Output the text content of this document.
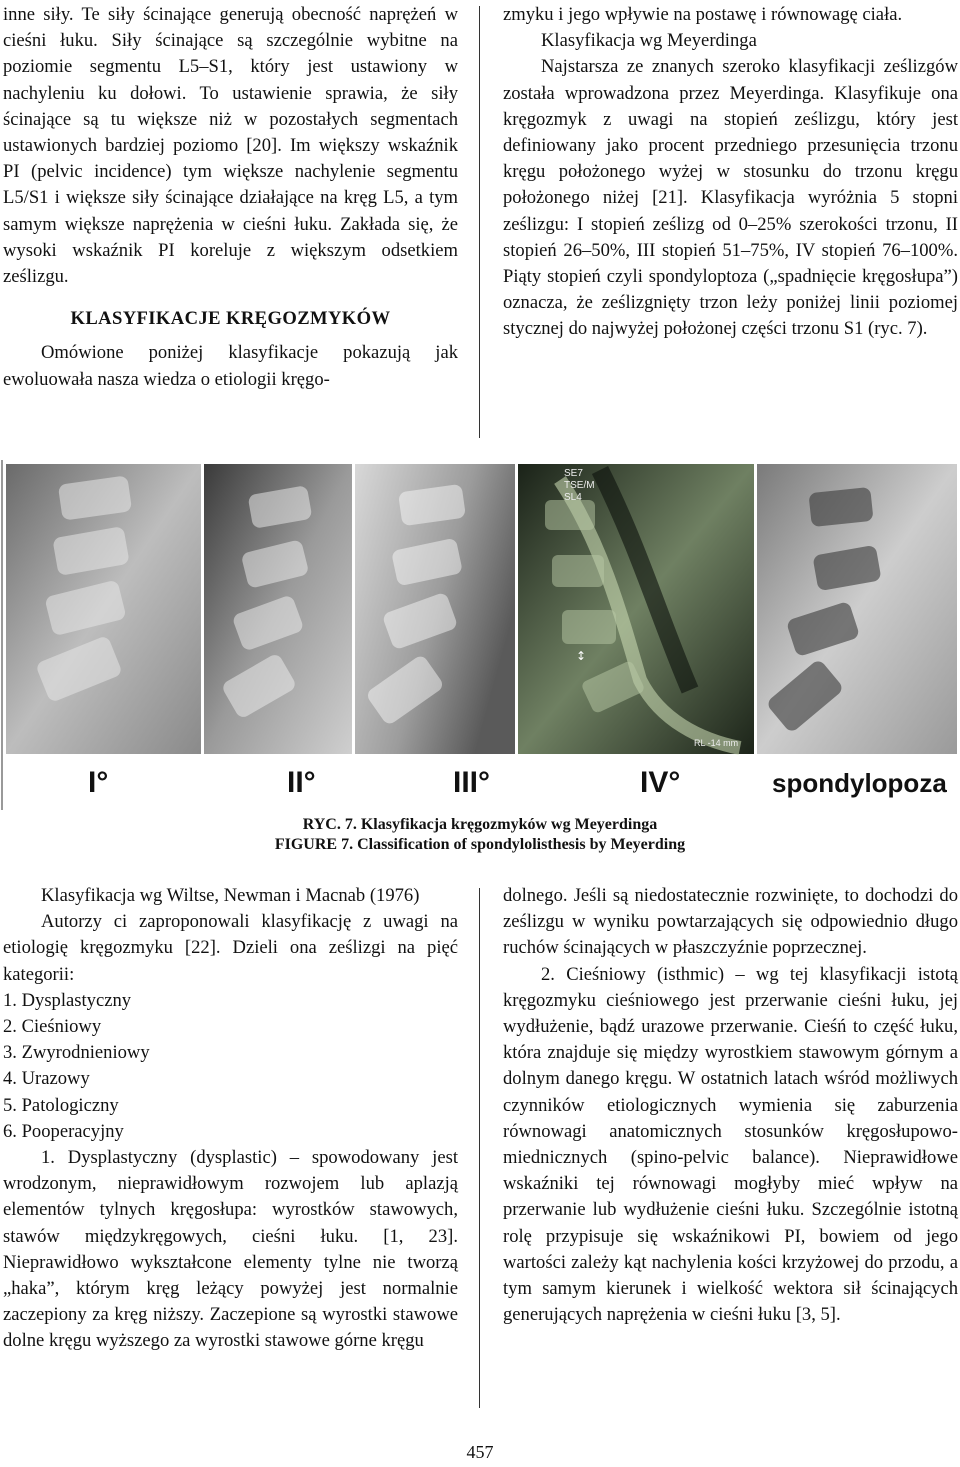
inne siły. Te siły ścinające generują obecność naprężeń w cieśni łuku. Siły ścinające są szczególnie wybitne na poziomie segmentu L5–S1, który jest ustawiony w nachyleniu ku dołowi. To ustawienie sprawia, że siły ścinające są tu większe niż w pozostałych segmentach ustawionych bardziej poziomo [20]. Im większy wskaźnik PI (pelvic incidence) tym większe nachylenie segmentu L5/S1 i większe siły ścinające działające na kręg L5, a tym samym większe naprężenia w cieśni łuku. Zakłada się, że wysoki wskaźnik PI koreluje z większym odsetkiem ześlizgu.

KLASYFIKACJE KRĘGOZMYKÓW

Omówione poniżej klasyfikacje pokazują jak ewoluowała nasza wiedza o etiologii kręgo-

zmyku i jego wpływie na postawę i równowagę ciała.

Klasyfikacja wg Meyerdinga

Najstarsza ze znanych szeroko klasyfikacji ześlizgów została wprowadzona przez Meyerdinga. Klasyfikuje ona kręgozmyk z uwagi na stopień ześlizgu, który jest definiowany jako procent przedniego przesunięcia trzonu kręgu położonego wyżej w stosunku do trzonu kręgu położonego niżej [21]. Klasyfikacja wyróżnia 5 stopni ześlizgu: I stopień ześlizg od 0–25% szerokości trzonu, II stopień 26–50%, III stopień 51–75%, IV stopień 76–100%. Piąty stopień czyli spondyloptoza („spadnięcie kręgosłupa”) oznacza, że ześlizgnięty trzon leży poniżej linii poziomej stycznej do najwyżej położonej części trzonu S1 (ryc. 7).

SE7
TSE/M
SL4
RL -14 mm
↕
I°	II°	III°	IV°	spondylopoza
RYC. 7. Klasyfikacja kręgozmyków wg Meyerdinga
FIGURE 7. Classification of spondylolisthesis by Meyerding

Klasyfikacja wg Wiltse, Newman i Macnab (1976)

Autorzy ci zaproponowali klasyfikację z uwagi na etiologię kręgozmyku [22]. Dzieli ona ześlizgi na pięć kategorii:

1. Dysplastyczny

2. Cieśniowy

3. Zwyrodnieniowy

4. Urazowy

5. Patologiczny

6. Pooperacyjny

1. Dysplastyczny (dysplastic) – spowodowany jest wrodzonym, nieprawidłowym rozwojem lub aplazją elementów tylnych kręgosłupa: wyrostków stawowych, stawów międzykręgowych, cieśni łuku. [1, 23]. Nieprawidłowo wykształcone elementy tylne nie tworzą „haka”, którym kręg leżący powyżej jest normalnie zaczepiony za kręg niższy. Zaczepione są wyrostki stawowe dolne kręgu wyższego za wyrostki stawowe górne kręgu

dolnego. Jeśli są niedostatecznie rozwinięte, to dochodzi do ześlizgu w wyniku powtarzających się odpowiednio długo ruchów ścinających w płaszczyźnie poprzecznej.

2. Cieśniowy (isthmic) – wg tej klasyfikacji istotą kręgozmyku cieśniowego jest przerwanie cieśni łuku, jej wydłużenie, bądź urazowe przerwanie. Cieśń to część łuku, która znajduje się między wyrostkiem stawowym górnym a dolnym danego kręgu. W ostatnich latach wśród możliwych czynników etiologicznych wymienia się zaburzenia równowagi anatomicznych stosunków kręgosłupowo-miednicznych (spino-pelvic balance). Nieprawidłowe wskaźniki tej równowagi mogłyby mieć wpływ na przerwanie lub wydłużenie cieśni łuku. Szczególnie istotną rolę przypisuje się wskaźnikowi PI, bowiem od jego wartości zależy kąt nachylenia kości krzyżowej do przodu, a tym samym kierunek i wielkość wektora sił ścinających generujących naprężenia w cieśni łuku [3, 5].

457
